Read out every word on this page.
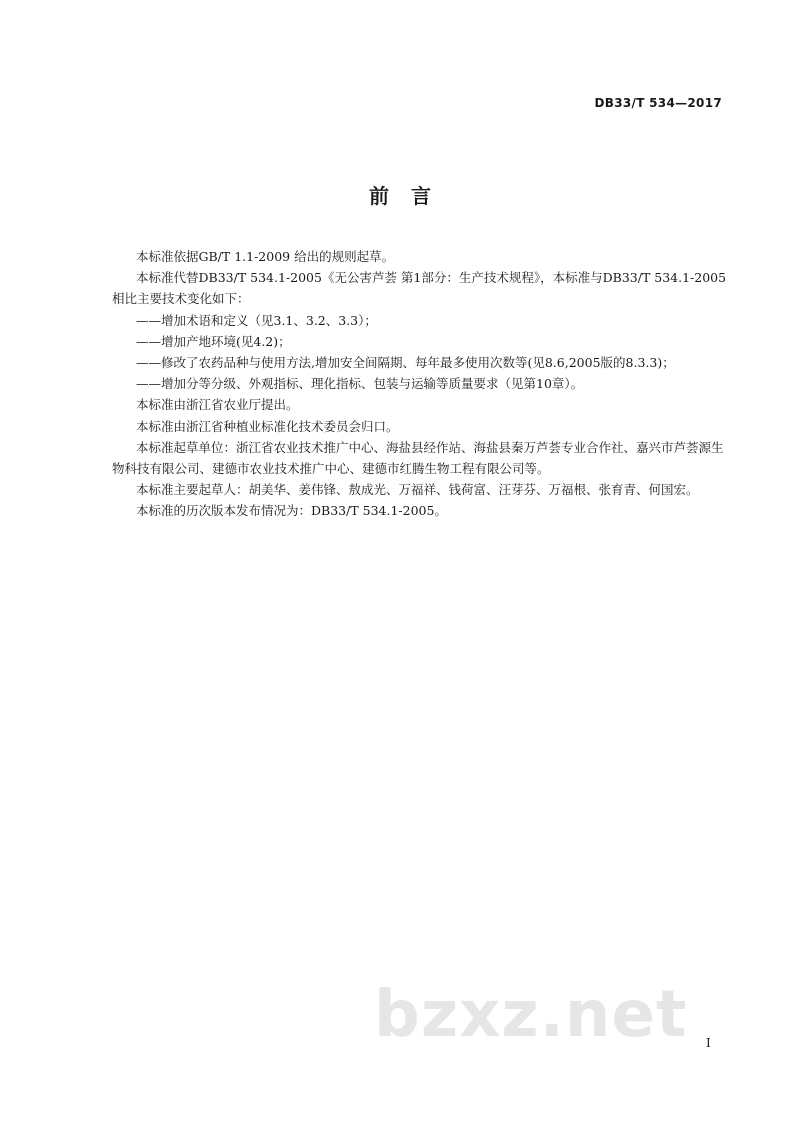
DB33/T 534—2017
前言

本标准依据GB/T 1.1-2009 给出的规则起草。

本标准代替DB33/T 534.1-2005《无公害芦荟 第1部分：生产技术规程》，本标准与DB33/T 534.1-2005相比主要技术变化如下：

——增加术语和定义（见3.1、3.2、3.3）；

——增加产地环境(见4.2)；

——修改了农药品种与使用方法,增加安全间隔期、每年最多使用次数等(见8.6,2005版的8.3.3)；

——增加分等分级、外观指标、理化指标、包装与运输等质量要求（见第10章）。

本标准由浙江省农业厅提出。

本标准由浙江省种植业标准化技术委员会归口。

本标准起草单位：浙江省农业技术推广中心、海盐县经作站、海盐县秦万芦荟专业合作社、嘉兴市芦荟源生物科技有限公司、建德市农业技术推广中心、建德市红腾生物工程有限公司等。

本标准主要起草人：胡美华、姜伟锋、敖成光、万福祥、钱荷富、汪芽芬、万福根、张育青、何国宏。

本标准的历次版本发布情况为：DB33/T 534.1-2005。

bzxz.net I
